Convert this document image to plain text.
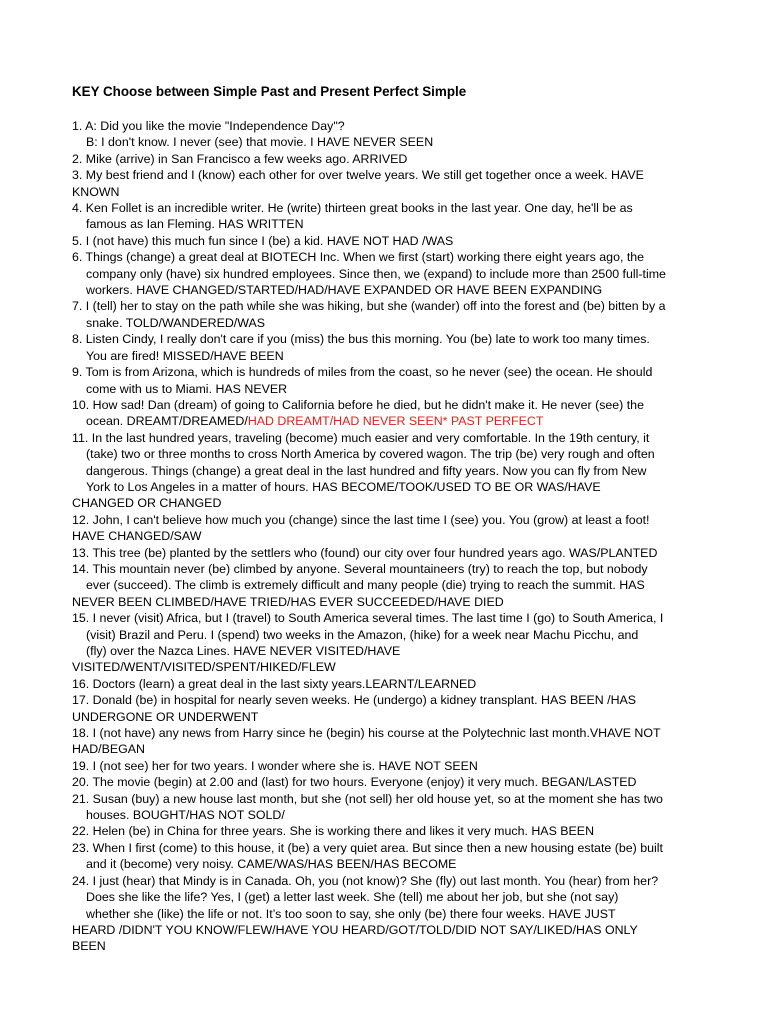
KEY Choose between Simple Past and Present Perfect Simple
1. A: Did you like the movie "Independence Day"?
B: I don't know. I never (see) that movie. I HAVE NEVER SEEN
2. Mike (arrive) in San Francisco a few weeks ago. ARRIVED
3. My best friend and I (know) each other for over twelve years. We still get together once a week. HAVE
KNOWN
4. Ken Follet is an incredible writer. He (write) thirteen great books in the last year. One day, he'll be as
famous as Ian Fleming. HAS WRITTEN
5. I (not have) this much fun since I (be) a kid. HAVE NOT HAD /WAS
6. Things (change) a great deal at BIOTECH Inc. When we first (start) working there eight years ago, the
company only (have) six hundred employees. Since then, we (expand) to include more than 2500 full-time
workers. HAVE CHANGED/STARTED/HAD/HAVE EXPANDED OR HAVE BEEN EXPANDING
7. I (tell) her to stay on the path while she was hiking, but she (wander) off into the forest and (be) bitten by a
snake. TOLD/WANDERED/WAS
8. Listen Cindy, I really don't care if you (miss) the bus this morning. You (be) late to work too many times.
You are fired! MISSED/HAVE BEEN
9. Tom is from Arizona, which is hundreds of miles from the coast, so he never (see) the ocean. He should
come with us to Miami. HAS NEVER
10. How sad! Dan (dream) of going to California before he died, but he didn't make it. He never (see) the
ocean. DREAMT/DREAMED/HAD DREAMT/HAD NEVER SEEN* PAST PERFECT
11. In the last hundred years, traveling (become) much easier and very comfortable. In the 19th century, it
(take) two or three months to cross North America by covered wagon. The trip (be) very rough and often
dangerous. Things (change) a great deal in the last hundred and fifty years. Now you can fly from New
York to Los Angeles in a matter of hours. HAS BECOME/TOOK/USED TO BE OR WAS/HAVE
CHANGED OR CHANGED
12. John, I can't believe how much you (change) since the last time I (see) you. You (grow) at least a foot!
HAVE CHANGED/SAW
13. This tree (be) planted by the settlers who (found) our city over four hundred years ago. WAS/PLANTED
14. This mountain never (be) climbed by anyone. Several mountaineers (try) to reach the top, but nobody
ever (succeed). The climb is extremely difficult and many people (die) trying to reach the summit. HAS
NEVER BEEN CLIMBED/HAVE TRIED/HAS EVER SUCCEEDED/HAVE DIED
15. I never (visit) Africa, but I (travel) to South America several times. The last time I (go) to South America, I
(visit) Brazil and Peru. I (spend) two weeks in the Amazon, (hike) for a week near Machu Picchu, and
(fly) over the Nazca Lines. HAVE NEVER VISITED/HAVE
VISITED/WENT/VISITED/SPENT/HIKED/FLEW
16. Doctors (learn) a great deal in the last sixty years.LEARNT/LEARNED
17. Donald (be) in hospital for nearly seven weeks. He (undergo) a kidney transplant. HAS BEEN /HAS
UNDERGONE OR UNDERWENT
18. I (not have) any news from Harry since he (begin) his course at the Polytechnic last month.VHAVE NOT
HAD/BEGAN
19. I (not see) her for two years. I wonder where she is. HAVE NOT SEEN
20. The movie (begin) at 2.00 and (last) for two hours. Everyone (enjoy) it very much. BEGAN/LASTED
21. Susan (buy) a new house last month, but she (not sell) her old house yet, so at the moment she has two
houses. BOUGHT/HAS NOT SOLD/
22. Helen (be) in China for three years. She is working there and likes it very much. HAS BEEN
23. When I first (come) to this house, it (be) a very quiet area. But since then a new housing estate (be) built
and it (become) very noisy. CAME/WAS/HAS BEEN/HAS BECOME
24. I just (hear) that Mindy is in Canada. Oh, you (not know)? She (fly) out last month. You (hear) from her?
Does she like the life? Yes, I (get) a letter last week. She (tell) me about her job, but she (not say)
whether she (like) the life or not. It’s too soon to say, she only (be) there four weeks. HAVE JUST
HEARD /DIDN'T YOU KNOW/FLEW/HAVE YOU HEARD/GOT/TOLD/DID NOT SAY/LIKED/HAS ONLY
BEEN
